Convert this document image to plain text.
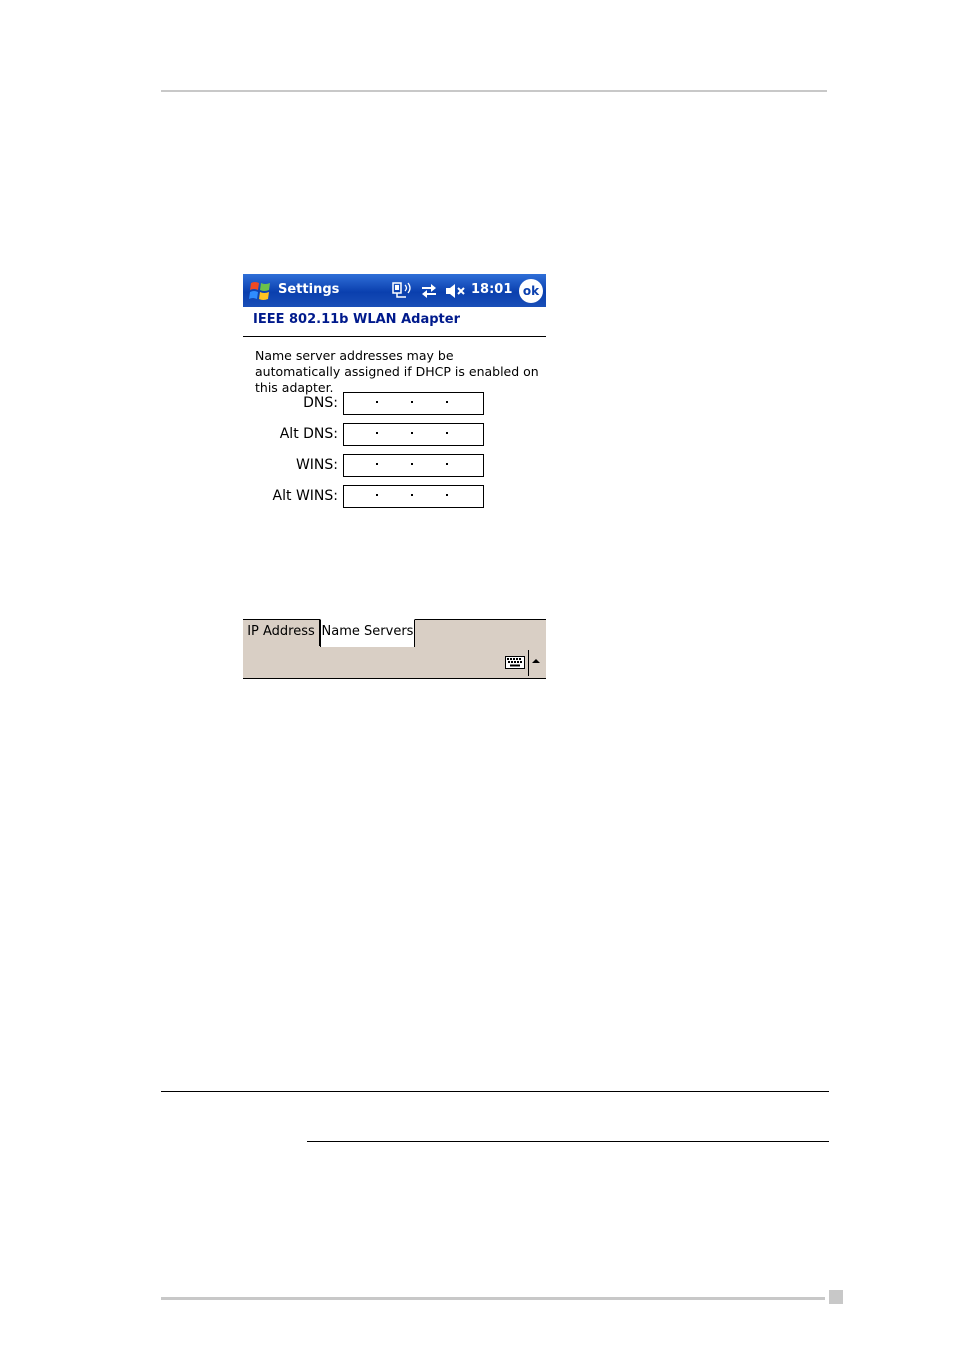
Settings	18:01 ok
IEEE 802.11b WLAN Adapter
Name server addresses may be automatically assigned if DHCP is enabled on this adapter.
DNS:
Alt DNS:
WINS:
Alt WINS:
IP Address Name Servers
